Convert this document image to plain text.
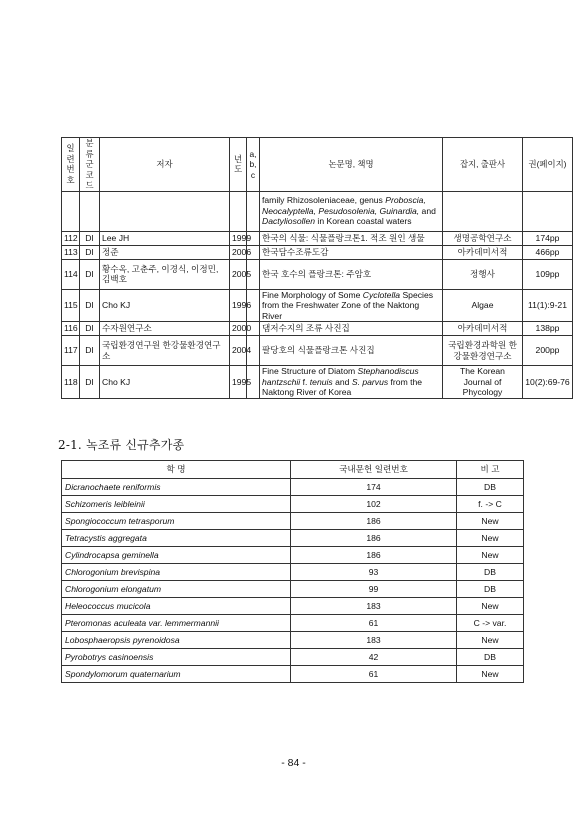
일련번호	분류군코드	저자	년도	a, b, c	논문명, 책명	잡지, 출판사	권(페이지)
					family Rhizosoleniaceae, genus Proboscia, Neocalyptella, Pesudosolenia, Guinardia, and Dactyliosollen in Korean coastal waters		
112	DI	Lee JH	1999		한국의 식물: 식물플랑크톤1. 적조 원인 생물	생명공학연구소	174pp
113	DI	정준	2006		한국담수조류도감	아카데미서적	466pp
114	DI	황수옥, 고춘주, 이경식, 이정민, 김백호	2005		한국 호수의 플랑크톤: 주암호	정행사	109pp
115	DI	Cho KJ	1996		Fine Morphology of Some Cyclotella Species from the Freshwater Zone of the Naktong River	Algae	11(1):9-21
116	DI	수자원연구소	2000		댐저수지의 조류 사진집	아카데미서적	138pp
117	DI	국립환경연구원 한강물환경연구소	2004		팔당호의 식물플랑크톤 사진집	국립환경과학원 한강물환경연구소	200pp
118	DI	Cho KJ	1995		Fine Structure of Diatom Stephanodiscus hantzschii f. tenuis and S. parvus from the Naktong River of Korea	The Korean Journal of Phycology	10(2):69-76
2-1. 녹조류 신규추가종
학 명	국내문헌 일련번호	비 고
Dicranochaete reniformis	174	DB
Schizomeris leibleinii	102	f. -> C
Spongiococcum tetrasporum	186	New
Tetracystis aggregata	186	New
Cylindrocapsa geminella	186	New
Chlorogonium brevispina	93	DB
Chlorogonium elongatum	99	DB
Heleococcus mucicola	183	New
Pteromonas aculeata var. lemmermannii	61	C -> var.
Lobosphaeropsis pyrenoidosa	183	New
Pyrobotrys casinoensis	42	DB
Spondylomorum quaternarium	61	New
- 84 -
